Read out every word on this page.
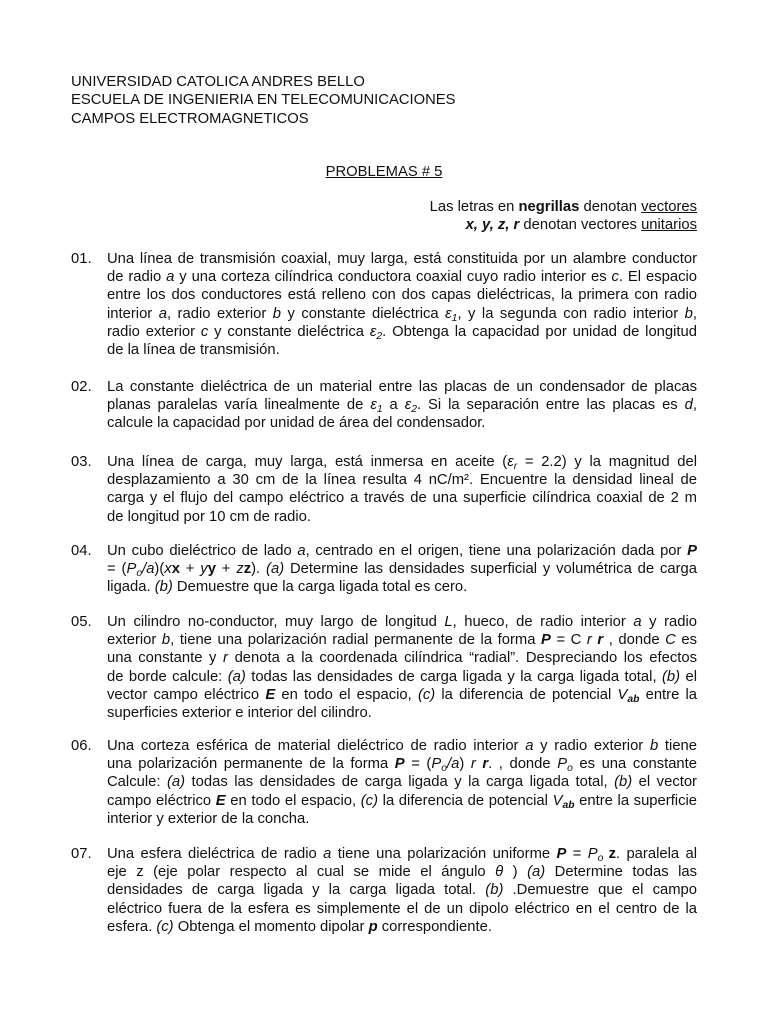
UNIVERSIDAD CATOLICA ANDRES BELLO
ESCUELA DE INGENIERIA EN TELECOMUNICACIONES
CAMPOS ELECTROMAGNETICOS
PROBLEMAS # 5
Las letras en negrillas denotan vectores
x, y, z, r denotan vectores unitarios
01.	Una línea de transmisión coaxial, muy larga, está constituida por un alambre conductor
de radio a y una corteza cilíndrica conductora coaxial cuyo radio interior es c. El espacio
entre los dos conductores está relleno con dos capas dieléctricas, la primera con radio
interior a, radio exterior b y constante dieléctrica $\varepsilon_1$, y la segunda con radio interior b,
radio exterior c y constante dieléctrica $\varepsilon_2$. Obtenga la capacidad por unidad de longitud
de la línea de transmisión.
02.	La constante dieléctrica de un material entre las placas de un condensador de placas
planas paralelas varía linealmente de $\varepsilon_1$ a $\varepsilon_2$. Si la separación entre las placas es d,
calcule la capacidad por unidad de área del condensador.
03.	Una línea de carga, muy larga, está inmersa en aceite $(\varepsilon_r = 2.2)$ y la magnitud del
desplazamiento a 30 cm de la línea resulta 4 nC/m². Encuentre la densidad lineal de
carga y el flujo del campo eléctrico a través de una superficie cilíndrica coaxial de 2 m
de longitud por 10 cm de radio.
04.	Un cubo dieléctrico de lado a, centrado en el origen, tiene una polarización dada por P
= $(P_o/a)(xx$ + yy + zz). (a) Determine las densidades superficial y volumétrica de carga
ligada. (b) Demuestre que la carga ligada total es cero.
05.	Un cilindro no-conductor, muy largo de longitud L, hueco, de radio interior a y radio
exterior b, tiene una polarización radial permanente de la forma P = C r r , donde C es
una constante y r denota a la coordenada cilíndrica “radial”. Despreciando los efectos
de borde calcule: (a) todas las densidades de carga ligada y la carga ligada total, (b) el
vector campo eléctrico E en todo el espacio, (c) la diferencia de potencial $V_{ab}$ entre la
superficies exterior e interior del cilindro.
06.	Una corteza esférica de material dieléctrico de radio interior a y radio exterior b tiene
una polarización permanente de la forma $P = (P_o/a)$ r r. , donde $P_o$ es una constante
Calcule: (a) todas las densidades de carga ligada y la carga ligada total, (b) el vector
campo eléctrico E en todo el espacio, (c) la diferencia de potencial $V_{ab}$ entre la superficie
interior y exterior de la concha.
07.	Una esfera dieléctrica de radio a tiene una polarización uniforme $P = P_o$ z. paralela al
eje z (eje polar respecto al cual se mide el ángulo θ ) (a) Determine todas las
densidades de carga ligada y la carga ligada total. (b) .Demuestre que el campo
eléctrico fuera de la esfera es simplemente el de un dipolo eléctrico en el centro de la
esfera. (c) Obtenga el momento dipolar p correspondiente.
